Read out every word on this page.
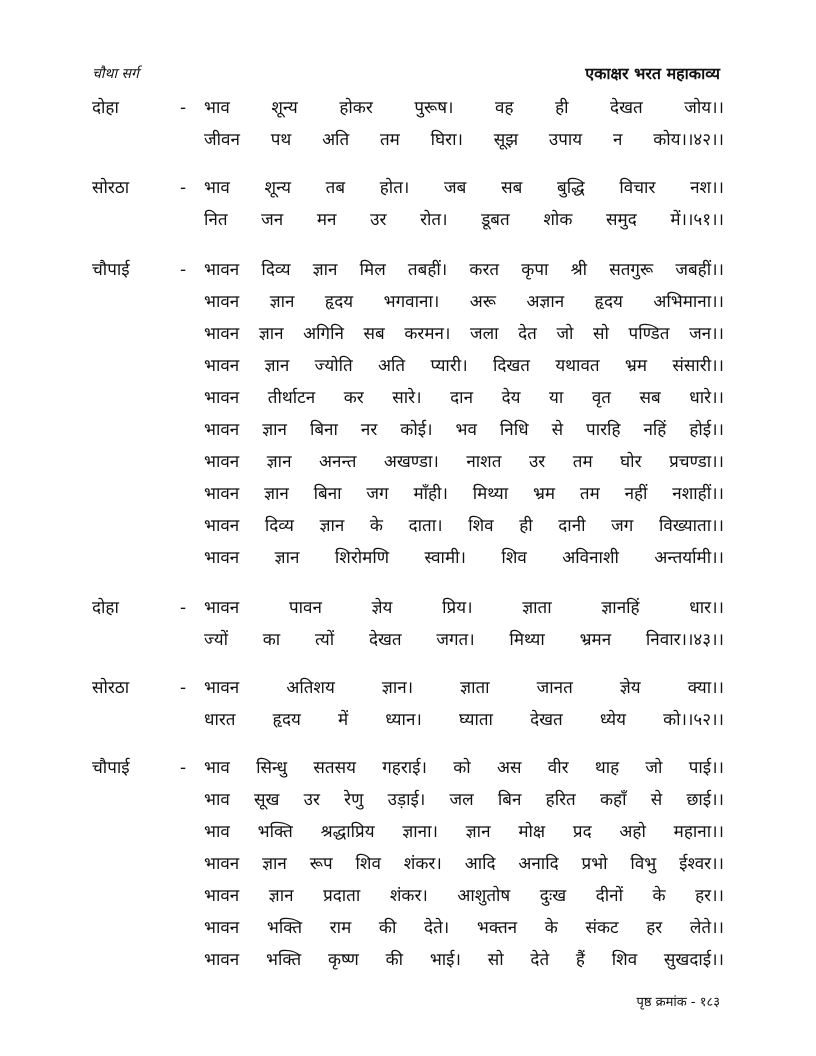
चौथा सर्ग	एकाक्षर भरत महाकाव्य
दोहा	- भाव शून्य होकर पुरूष। वह ही देखत जोय।।
जीवन पथ अति तम घिरा। सूझ उपाय न कोय।।४२।।
सोरठा	- भाव शून्य तब होत। जब सब बुद्धि विचार नश।।
नित जन मन उर रोत। डूबत शोक समुद में।।५१।।
चौपाई	- भावन दिव्य ज्ञान मिल तबहीं। करत कृपा श्री सतगुरू जबहीं।।
भावन ज्ञान हृदय भगवाना। अरू अज्ञान हृदय अभिमाना।।
भावन ज्ञान अगिनि सब करमन। जला देत जो सो पण्डित जन।।
भावन ज्ञान ज्योति अति प्यारी। दिखत यथावत भ्रम संसारी।।
भावन तीर्थाटन कर सारे। दान देय या वृत सब धारे।।
भावन ज्ञान बिना नर कोई। भव निधि से पारहि नहिं होई।।
भावन ज्ञान अनन्त अखण्डा। नाशत उर तम घोर प्रचण्डा।।
भावन ज्ञान बिना जग माँही। मिथ्या भ्रम तम नहीं नशाहीं।।
भावन दिव्य ज्ञान के दाता। शिव ही दानी जग विख्याता।।
भावन ज्ञान शिरोमणि स्वामी। शिव अविनाशी अन्तर्यामी।।
दोहा	- भावन पावन ज्ञेय प्रिय। ज्ञाता ज्ञानहिं धार।।
ज्यों का त्यों देखत जगत। मिथ्या भ्रमन निवार।।४३।।
सोरठा	- भावन अतिशय ज्ञान। ज्ञाता जानत ज्ञेय क्या।।
धारत हृदय में ध्यान। घ्याता देखत ध्येय को।।५२।।
चौपाई	- भाव सिन्धु सतसय गहराई। को अस वीर थाह जो पाई।।
भाव सूख उर रेणु उड़ाई। जल बिन हरित कहाँ से छाई।।
भाव भक्ति श्रद्धाप्रिय ज्ञाना। ज्ञान मोक्ष प्रद अहो महाना।।
भावन ज्ञान रूप शिव शंकर। आदि अनादि प्रभो विभु ईश्वर।।
भावन ज्ञान प्रदाता शंकर। आशुतोष दुःख दीनों के हर।।
भावन भक्ति राम की देते। भक्तन के संकट हर लेते।।
भावन भक्ति कृष्ण की भाई। सो देते हैं शिव सुखदाई।।
पृष्ठ क्रमांक - १८३
